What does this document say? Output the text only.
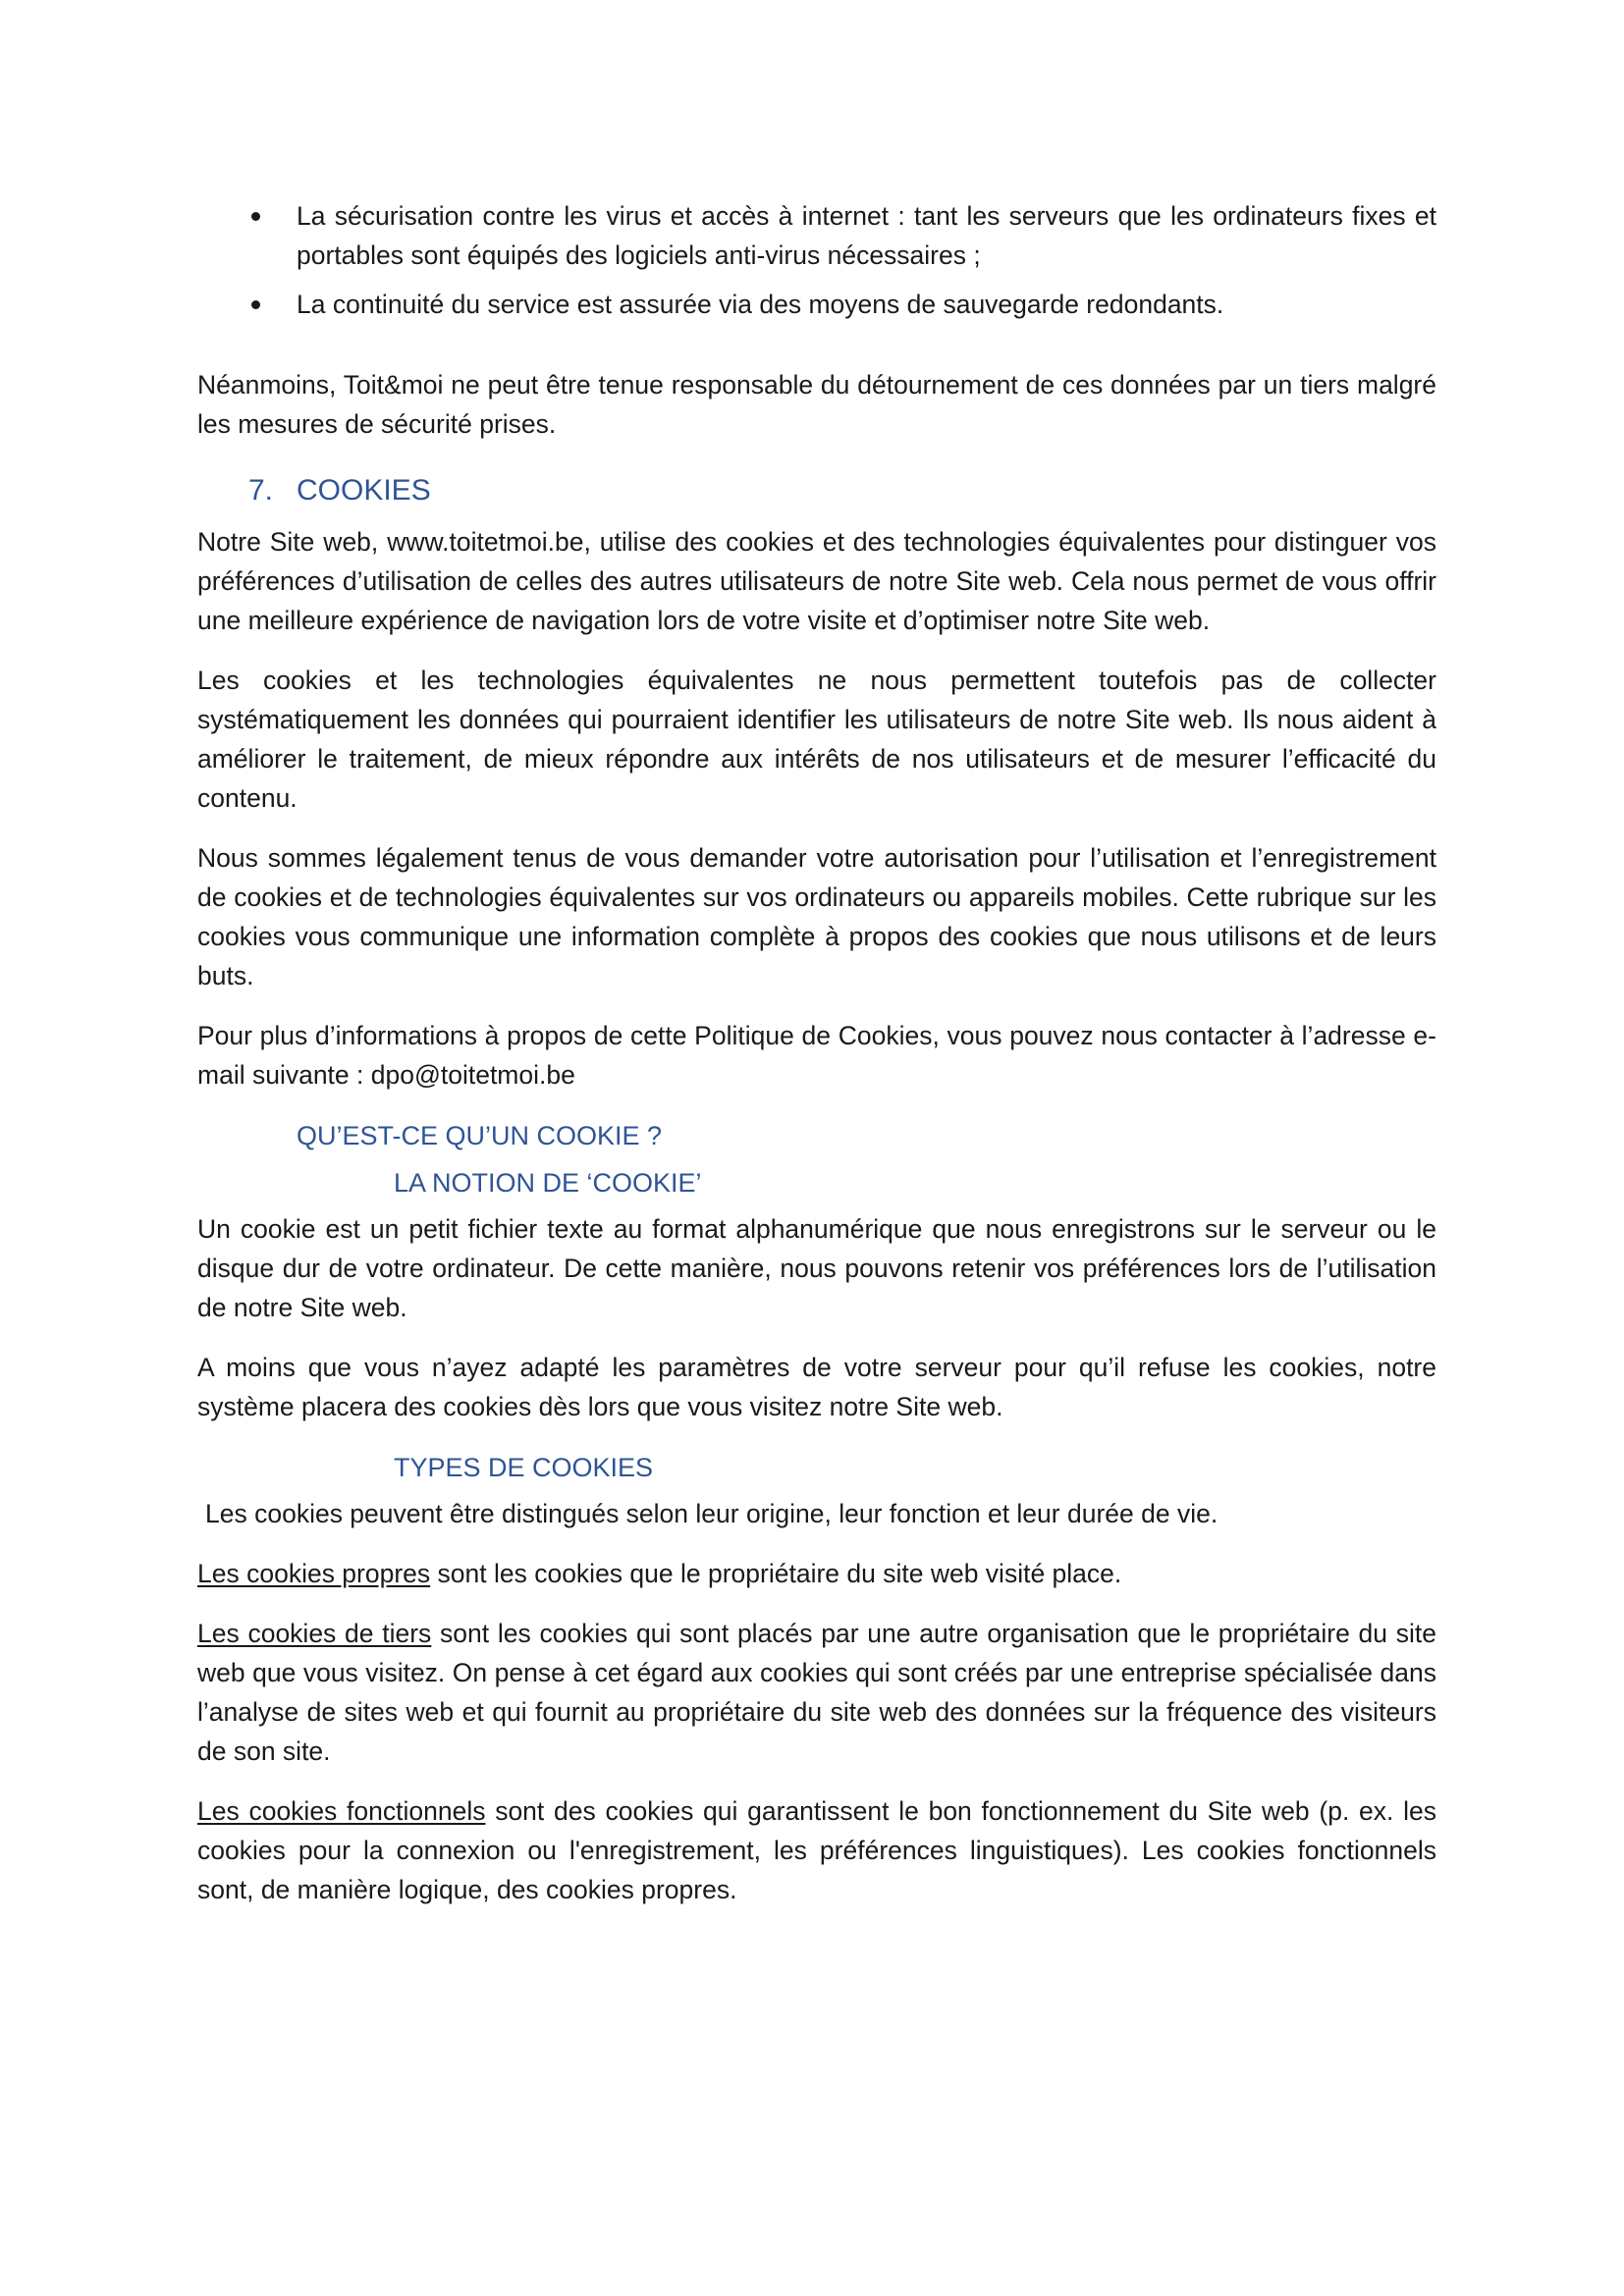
La sécurisation contre les virus et accès à internet : tant les serveurs que les ordinateurs fixes et portables sont équipés des logiciels anti-virus nécessaires ;
La continuité du service est assurée via des moyens de sauvegarde redondants.

Néanmoins, Toit&moi ne peut être tenue responsable du détournement de ces données par un tiers malgré les mesures de sécurité prises.

7. COOKIES

Notre Site web, www.toitetmoi.be, utilise des cookies et des technologies équivalentes pour distinguer vos préférences d’utilisation de celles des autres utilisateurs de notre Site web. Cela nous permet de vous offrir une meilleure expérience de navigation lors de votre visite et d’optimiser notre Site web.

Les cookies et les technologies équivalentes ne nous permettent toutefois pas de collecter systématiquement les données qui pourraient identifier les utilisateurs de notre Site web. Ils nous aident à améliorer le traitement, de mieux répondre aux intérêts de nos utilisateurs et de mesurer l’efficacité du contenu.

Nous sommes légalement tenus de vous demander votre autorisation pour l’utilisation et l’enregistrement de cookies et de technologies équivalentes sur vos ordinateurs ou appareils mobiles. Cette rubrique sur les cookies vous communique une information complète à propos des cookies que nous utilisons et de leurs buts.

Pour plus d’informations à propos de cette Politique de Cookies, vous pouvez nous contacter à l’adresse e-mail suivante : dpo@toitetmoi.be

QU’EST-CE QU’UN COOKIE ?
LA NOTION DE ‘COOKIE’

Un cookie est un petit fichier texte au format alphanumérique que nous enregistrons sur le serveur ou le disque dur de votre ordinateur. De cette manière, nous pouvons retenir vos préférences lors de l’utilisation de notre Site web.

A moins que vous n’ayez adapté les paramètres de votre serveur pour qu’il refuse les cookies, notre système placera des cookies dès lors que vous visitez notre Site web.

TYPES DE COOKIES

Les cookies peuvent être distingués selon leur origine, leur fonction et leur durée de vie.

Les cookies propres sont les cookies que le propriétaire du site web visité place.

Les cookies de tiers sont les cookies qui sont placés par une autre organisation que le propriétaire du site web que vous visitez. On pense à cet égard aux cookies qui sont créés par une entreprise spécialisée dans l’analyse de sites web et qui fournit au propriétaire du site web des données sur la fréquence des visiteurs de son site.

Les cookies fonctionnels sont des cookies qui garantissent le bon fonctionnement du Site web (p. ex. les cookies pour la connexion ou l'enregistrement, les préférences linguistiques). Les cookies fonctionnels sont, de manière logique, des cookies propres.
